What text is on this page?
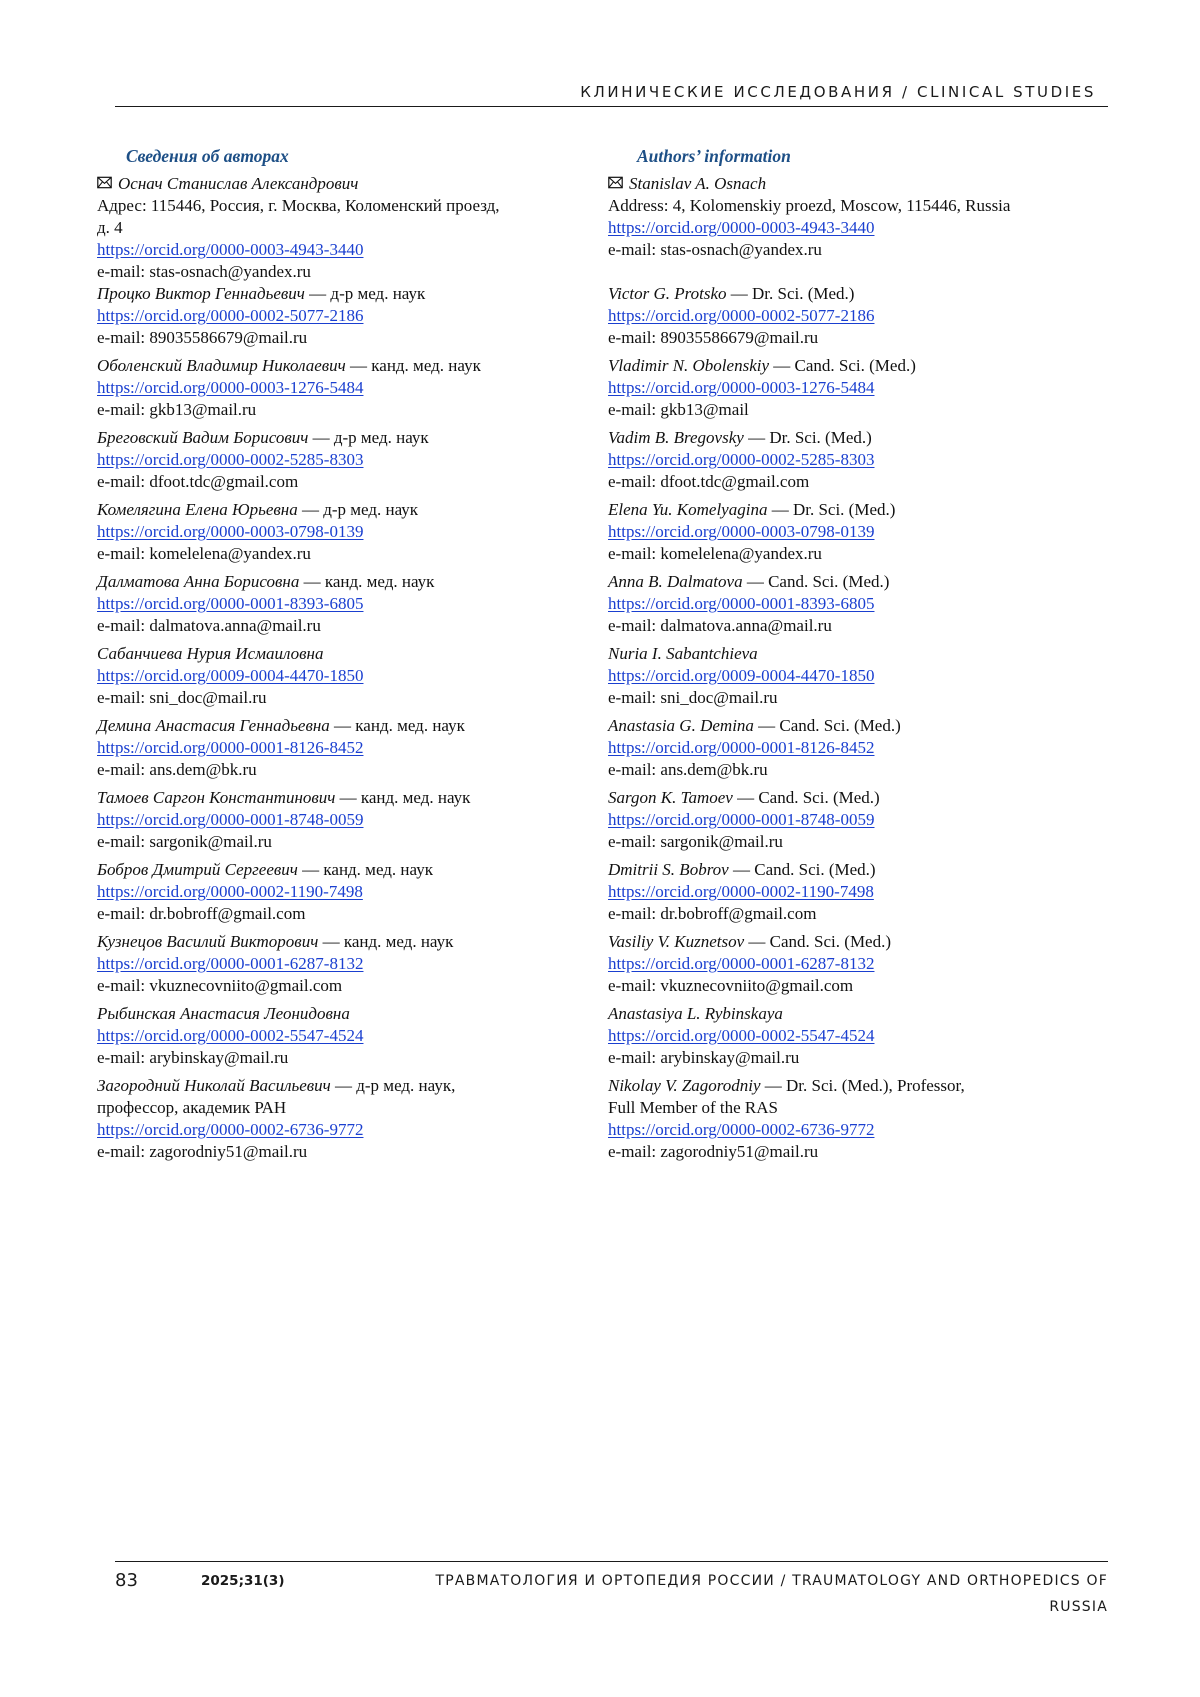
КЛИНИЧЕСКИЕ ИССЛЕДОВАНИЯ / CLINICAL STUDIES
Сведения об авторах
Оснач Станислав Александрович
Адрес: 115446, Россия, г. Москва, Коломенский проезд,
д. 4
https://orcid.org/0000-0003-4943-3440
e-mail: stas-osnach@yandex.ru
Процко Виктор Геннадьевич — д-р мед. наук
https://orcid.org/0000-0002-5077-2186
e-mail: 89035586679@mail.ru
Оболенский Владимир Николаевич — канд. мед. наук
https://orcid.org/0000-0003-1276-5484
e-mail: gkb13@mail.ru
Бреговский Вадим Борисович — д-р мед. наук
https://orcid.org/0000-0002-5285-8303
e-mail: dfoot.tdc@gmail.com
Комелягина Елена Юрьевна — д-р мед. наук
https://orcid.org/0000-0003-0798-0139
e-mail: komelelena@yandex.ru
Далматова Анна Борисовна — канд. мед. наук
https://orcid.org/0000-0001-8393-6805
e-mail: dalmatova.anna@mail.ru
Сабанчиева Нурия Исмаиловна
https://orcid.org/0009-0004-4470-1850
e-mail: sni_doc@mail.ru
Демина Анастасия Геннадьевна — канд. мед. наук
https://orcid.org/0000-0001-8126-8452
e-mail: ans.dem@bk.ru
Тамоев Саргон Константинович — канд. мед. наук
https://orcid.org/0000-0001-8748-0059
e-mail: sargonik@mail.ru
Бобров Дмитрий Сергеевич — канд. мед. наук
https://orcid.org/0000-0002-1190-7498
e-mail: dr.bobroff@gmail.com
Кузнецов Василий Викторович — канд. мед. наук
https://orcid.org/0000-0001-6287-8132
e-mail: vkuznecovniito@gmail.com
Рыбинская Анастасия Леонидовна
https://orcid.org/0000-0002-5547-4524
e-mail: arybinskay@mail.ru
Загородний Николай Васильевич — д-р мед. наук,
профессор, академик РАН
https://orcid.org/0000-0002-6736-9772
e-mail: zagorodniy51@mail.ru
Authors’ information
Stanislav A. Osnach
Address: 4, Kolomenskiy proezd, Moscow, 115446, Russia
https://orcid.org/0000-0003-4943-3440
e-mail: stas-osnach@yandex.ru
Victor G. Protsko — Dr. Sci. (Med.)
https://orcid.org/0000-0002-5077-2186
e-mail: 89035586679@mail.ru
Vladimir N. Obolenskiy — Cand. Sci. (Med.)
https://orcid.org/0000-0003-1276-5484
e-mail: gkb13@mail
Vadim B. Bregovsky — Dr. Sci. (Med.)
https://orcid.org/0000-0002-5285-8303
e-mail: dfoot.tdc@gmail.com
Elena Yu. Komelyagina — Dr. Sci. (Med.)
https://orcid.org/0000-0003-0798-0139
e-mail: komelelena@yandex.ru
Anna B. Dalmatova — Cand. Sci. (Med.)
https://orcid.org/0000-0001-8393-6805
e-mail: dalmatova.anna@mail.ru
Nuria I. Sabantchieva
https://orcid.org/0009-0004-4470-1850
e-mail: sni_doc@mail.ru
Anastasia G. Demina — Cand. Sci. (Med.)
https://orcid.org/0000-0001-8126-8452
e-mail: ans.dem@bk.ru
Sargon K. Tamoev — Cand. Sci. (Med.)
https://orcid.org/0000-0001-8748-0059
e-mail: sargonik@mail.ru
Dmitrii S. Bobrov — Cand. Sci. (Med.)
https://orcid.org/0000-0002-1190-7498
e-mail: dr.bobroff@gmail.com
Vasiliy V. Kuznetsov — Cand. Sci. (Med.)
https://orcid.org/0000-0001-6287-8132
e-mail: vkuznecovniito@gmail.com
Anastasiya L. Rybinskaya
https://orcid.org/0000-0002-5547-4524
e-mail: arybinskay@mail.ru
Nikolay V. Zagorodniy — Dr. Sci. (Med.), Professor,
Full Member of the RAS
https://orcid.org/0000-0002-6736-9772
e-mail: zagorodniy51@mail.ru
83	2025;31(3)	ТРАВМАТОЛОГИЯ И ОРТОПЕДИЯ РОССИИ / TRAUMATOLOGY AND ORTHOPEDICS OF RUSSIA
